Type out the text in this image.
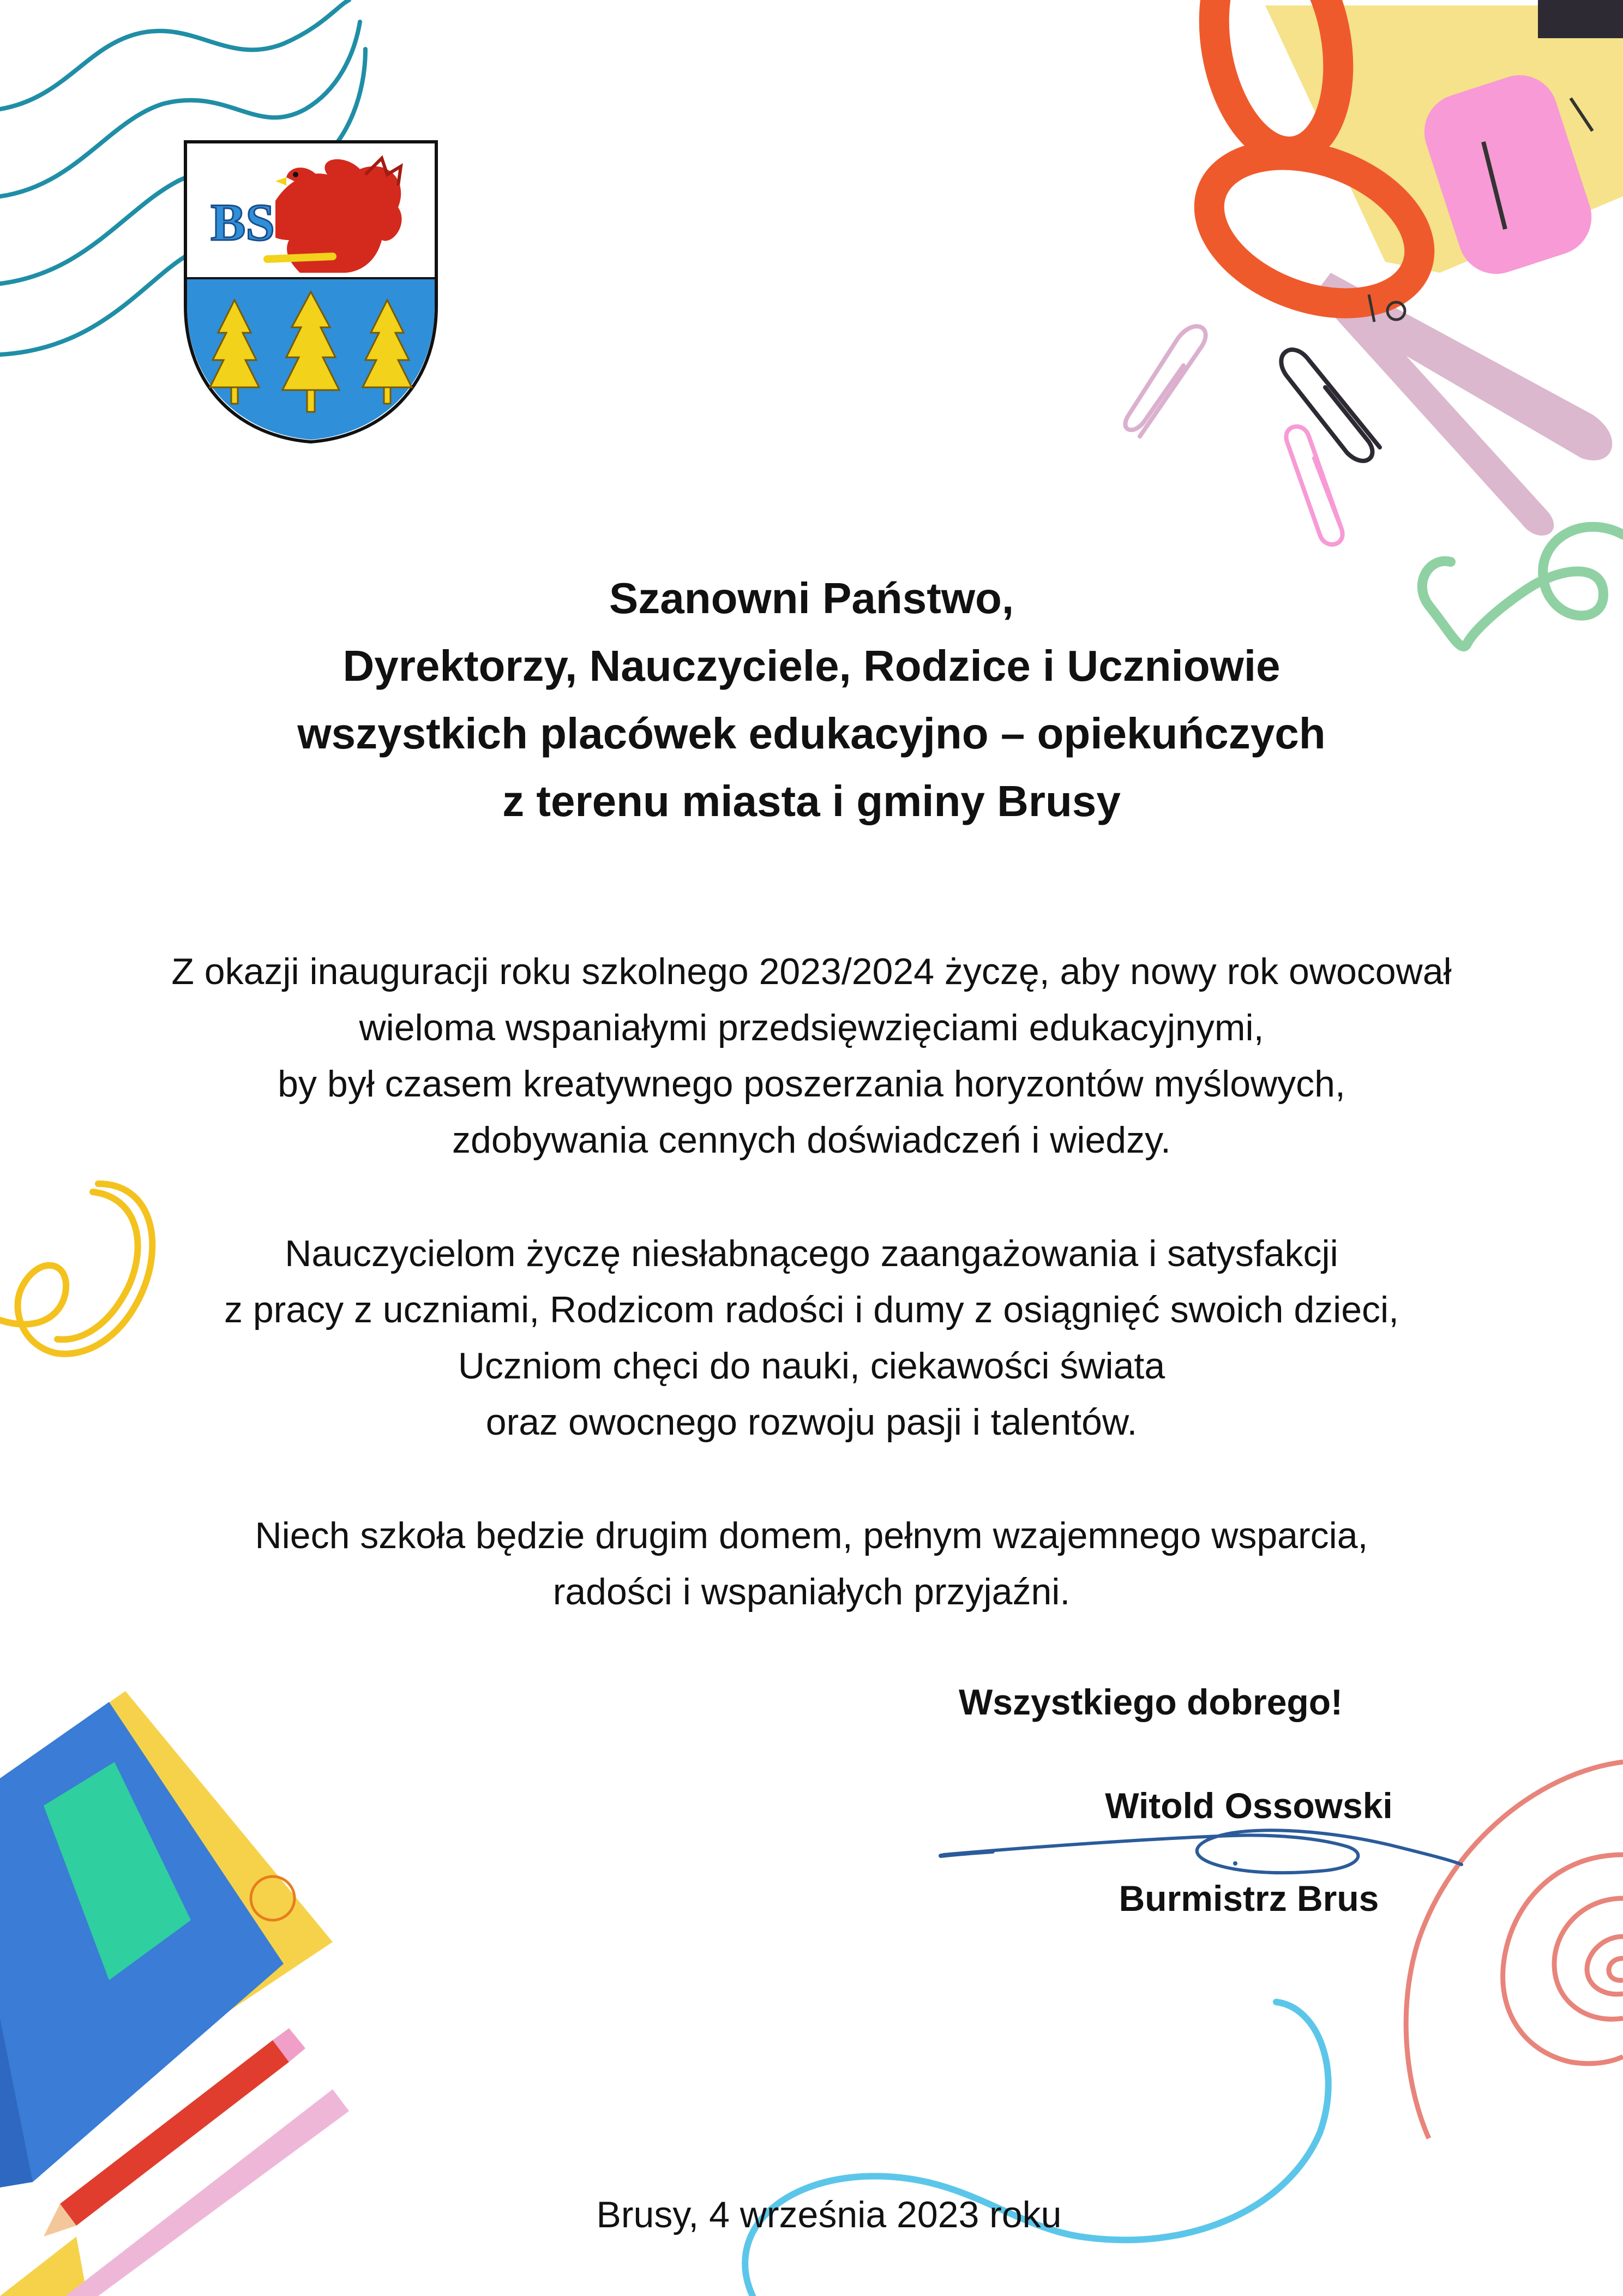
BS
Szanowni Państwo,
Dyrektorzy, Nauczyciele, Rodzice i Uczniowie
wszystkich placówek edukacyjno – opiekuńczych
z terenu miasta i gminy Brusy
Z okazji inauguracji roku szkolnego 2023/2024 życzę, aby nowy rok owocował
wieloma wspaniałymi przedsięwzięciami edukacyjnymi,
by był czasem kreatywnego poszerzania horyzontów myślowych,
zdobywania cennych doświadczeń i wiedzy.
Nauczycielom życzę niesłabnącego zaangażowania i satysfakcji
z pracy z uczniami, Rodzicom radości i dumy z osiągnięć swoich dzieci,
Uczniom chęci do nauki, ciekawości świata
oraz owocnego rozwoju pasji i talentów.
Niech szkoła będzie drugim domem, pełnym wzajemnego wsparcia,
radości i wspaniałych przyjaźni.
Wszystkiego dobrego!
Witold Ossowski
Burmistrz Brus
Brusy, 4 września 2023 roku
